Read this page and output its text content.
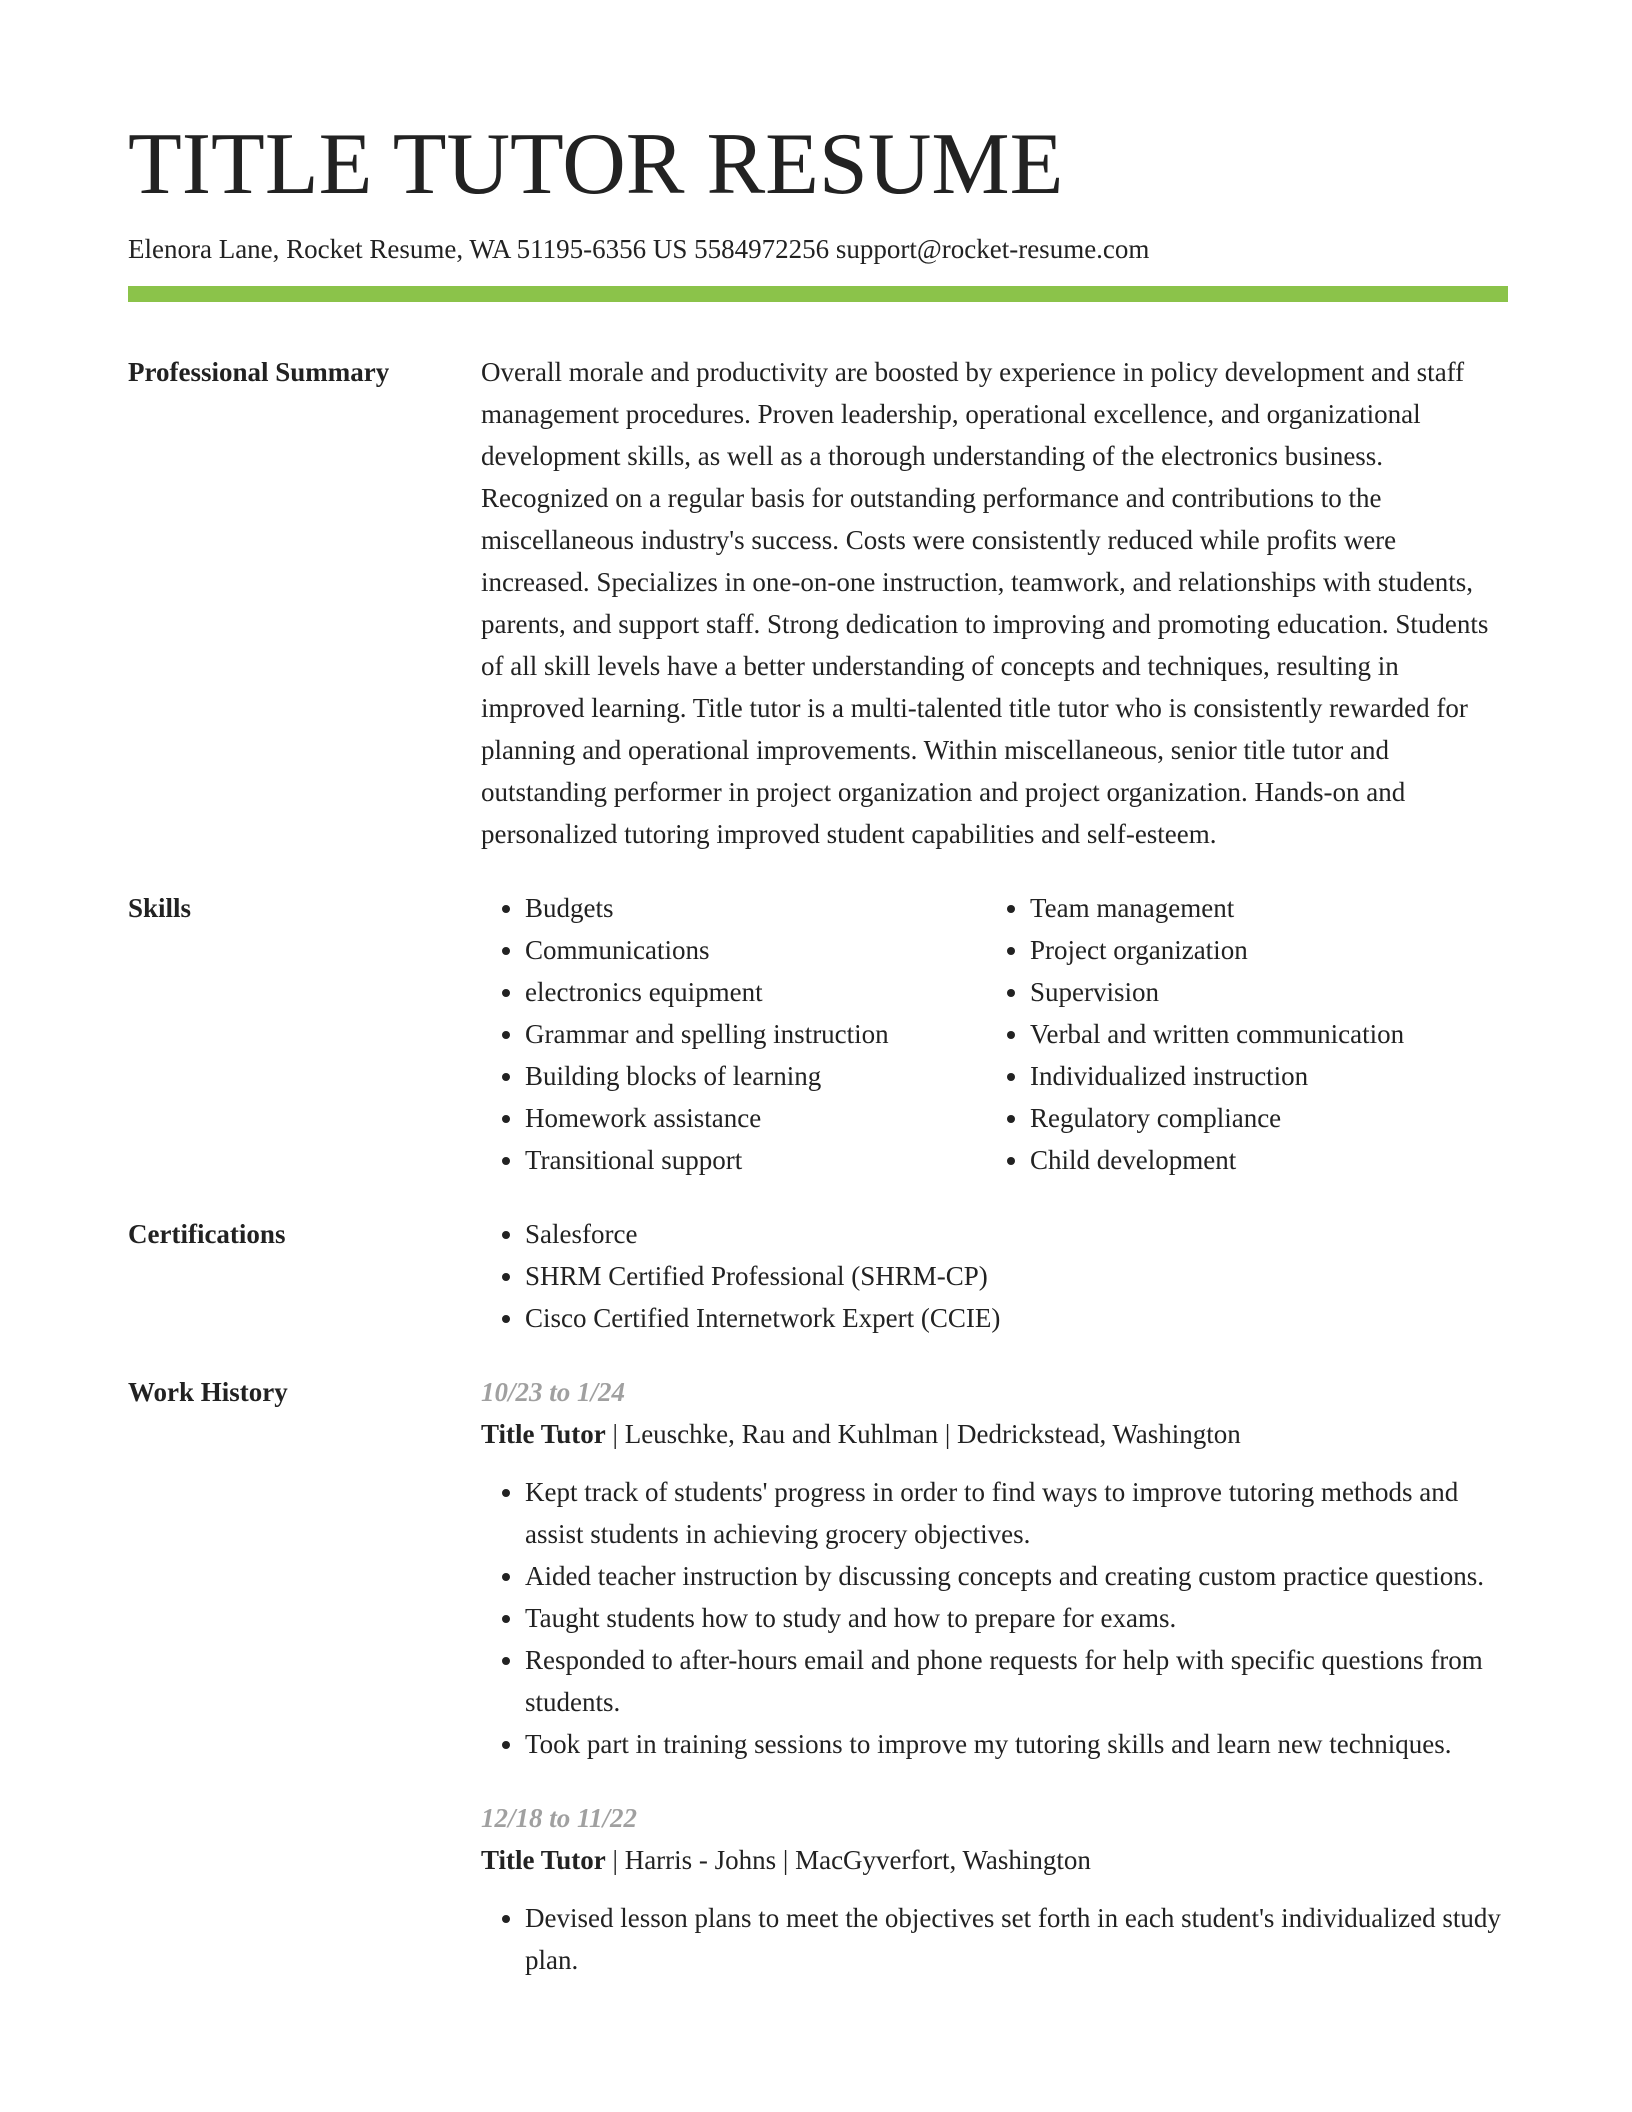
TITLE TUTOR RESUME
Elenora Lane, Rocket Resume, WA 51195-6356 US 5584972256 support@rocket-resume.com
Professional Summary	Overall morale and productivity are boosted by experience in policy development and staff management procedures. Proven leadership, operational excellence, and organizational development skills, as well as a thorough understanding of the electronics business. Recognized on a regular basis for outstanding performance and contributions to the miscellaneous industry's success. Costs were consistently reduced while profits were increased. Specializes in one-on-one instruction, teamwork, and relationships with students, parents, and support staff. Strong dedication to improving and promoting education. Students of all skill levels have a better understanding of concepts and techniques, resulting in improved learning. Title tutor is a multi-talented title tutor who is consistently rewarded for planning and operational improvements. Within miscellaneous, senior title tutor and outstanding performer in project organization and project organization. Hands-on and personalized tutoring improved student capabilities and self-esteem.
Skills	• Budgets
• Communications
• electronics equipment
• Grammar and spelling instruction
• Building blocks of learning
• Homework assistance
• Transitional support
• Team management
• Project organization
• Supervision
• Verbal and written communication
• Individualized instruction
• Regulatory compliance
• Child development
Certifications	• Salesforce
• SHRM Certified Professional (SHRM-CP)
• Cisco Certified Internetwork Expert (CCIE)
Work History	10/23 to 1/24
Title Tutor | Leuschke, Rau and Kuhlman | Dedrickstead, Washington
• Kept track of students' progress in order to find ways to improve tutoring methods and assist students in achieving grocery objectives.
• Aided teacher instruction by discussing concepts and creating custom practice questions.
• Taught students how to study and how to prepare for exams.
• Responded to after-hours email and phone requests for help with specific questions from students.
• Took part in training sessions to improve my tutoring skills and learn new techniques.
12/18 to 11/22
Title Tutor | Harris - Johns | MacGyverfort, Washington
• Devised lesson plans to meet the objectives set forth in each student's individualized study plan.
